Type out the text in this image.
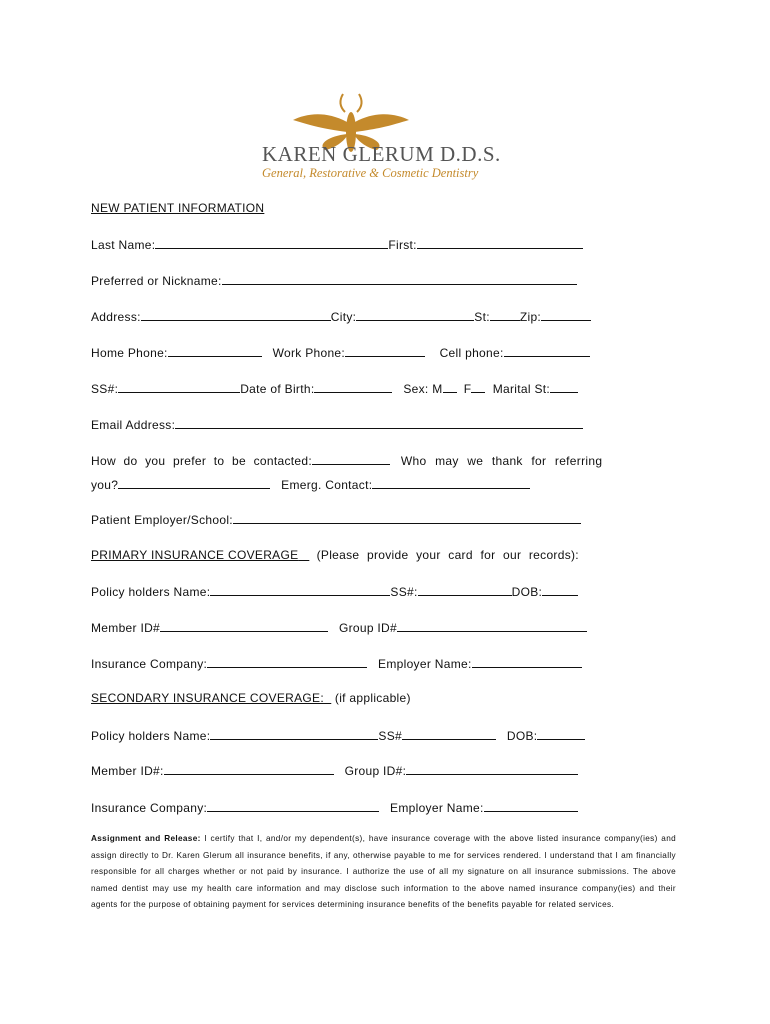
KAREN GLERUM D.D.S.
General, Restorative & Cosmetic Dentistry
NEW PATIENT INFORMATION
Last Name:	First:
Preferred or Nickname:
Address:	City:	St:	Zip:
Home Phone:	Work Phone:	Cell phone:
SS#:	Date of Birth:	Sex: M F Marital St:
Email Address:
How do you prefer to be contacted:	Who may we thank for referring
you?	Emerg. Contact:
Patient Employer/School:
PRIMARY INSURANCE COVERAGE (Please provide your card for our records):
Policy holders Name:	SS#:	DOB:
Member ID#	Group ID#
Insurance Company:	Employer Name:
SECONDARY INSURANCE COVERAGE: (if applicable)
Policy holders Name:	SS#	DOB:
Member ID#:	Group ID#:
Insurance Company:	Employer Name:
Assignment and Release: I certify that I, and/or my dependent(s), have insurance coverage with the above listed insurance company(ies) and assign directly to Dr. Karen Glerum all insurance benefits, if any, otherwise payable to me for services rendered. I understand that I am financially responsible for all charges whether or not paid by insurance. I authorize the use of all my signature on all insurance submissions. The above named dentist may use my health care information and may disclose such information to the above named insurance company(ies) and their agents for the purpose of obtaining payment for services determining insurance benefits of the benefits payable for related services.
